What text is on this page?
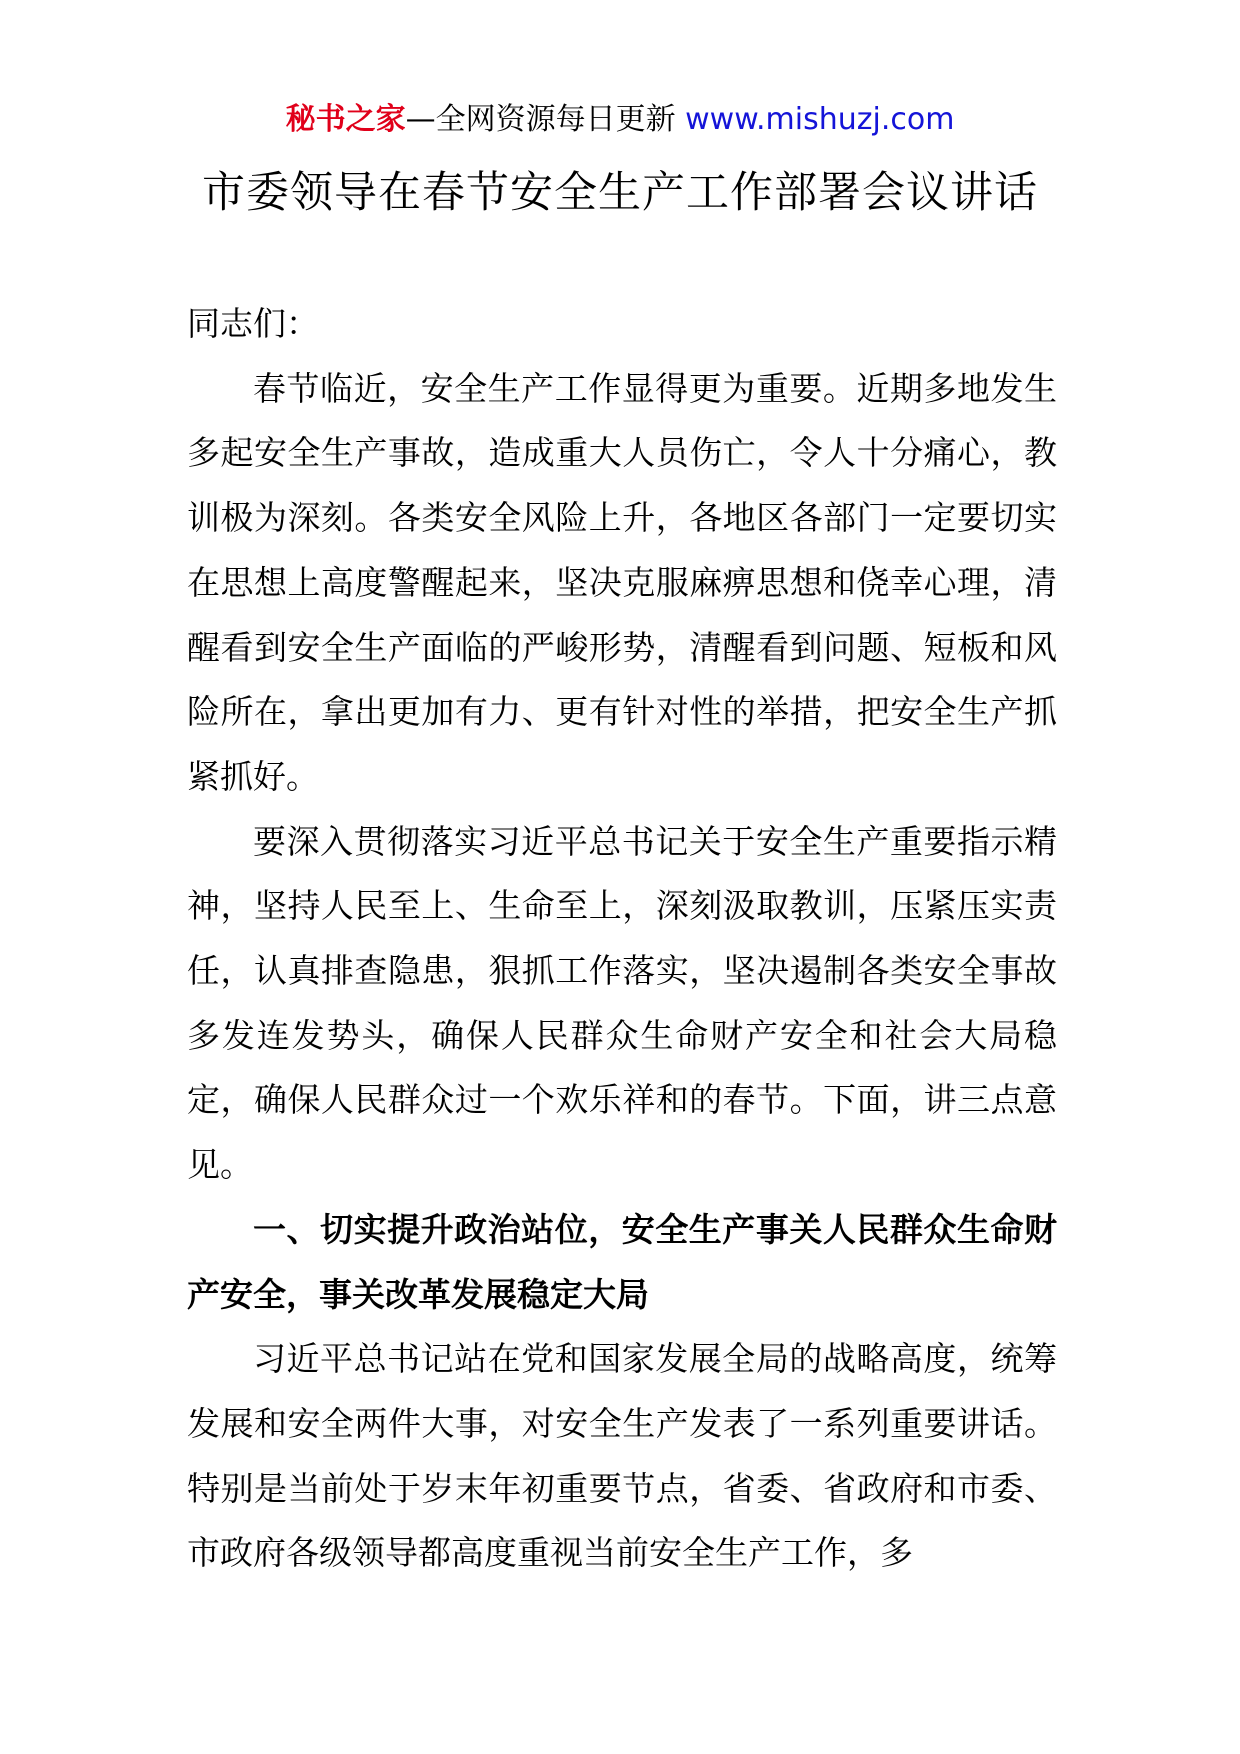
秘书之家—全网资源每日更新 www.mishuzj.com
市委领导在春节安全生产工作部署会议讲话

同志们：

春节临近，安全生产工作显得更为重要。近期多地发生多起安全生产事故，造成重大人员伤亡，令人十分痛心，教训极为深刻。各类安全风险上升，各地区各部门一定要切实在思想上高度警醒起来，坚决克服麻痹思想和侥幸心理，清醒看到安全生产面临的严峻形势，清醒看到问题、短板和风险所在，拿出更加有力、更有针对性的举措，把安全生产抓紧抓好。

要深入贯彻落实习近平总书记关于安全生产重要指示精神，坚持人民至上、生命至上，深刻汲取教训，压紧压实责任，认真排查隐患，狠抓工作落实，坚决遏制各类安全事故多发连发势头，确保人民群众生命财产安全和社会大局稳定，确保人民群众过一个欢乐祥和的春节。下面，讲三点意见。

一、切实提升政治站位，安全生产事关人民群众生命财产安全，事关改革发展稳定大局

习近平总书记站在党和国家发展全局的战略高度，统筹发展和安全两件大事，对安全生产发表了一系列重要讲话。特别是当前处于岁末年初重要节点，省委、省政府和市委、市政府各级领导都高度重视当前安全生产工作，多
